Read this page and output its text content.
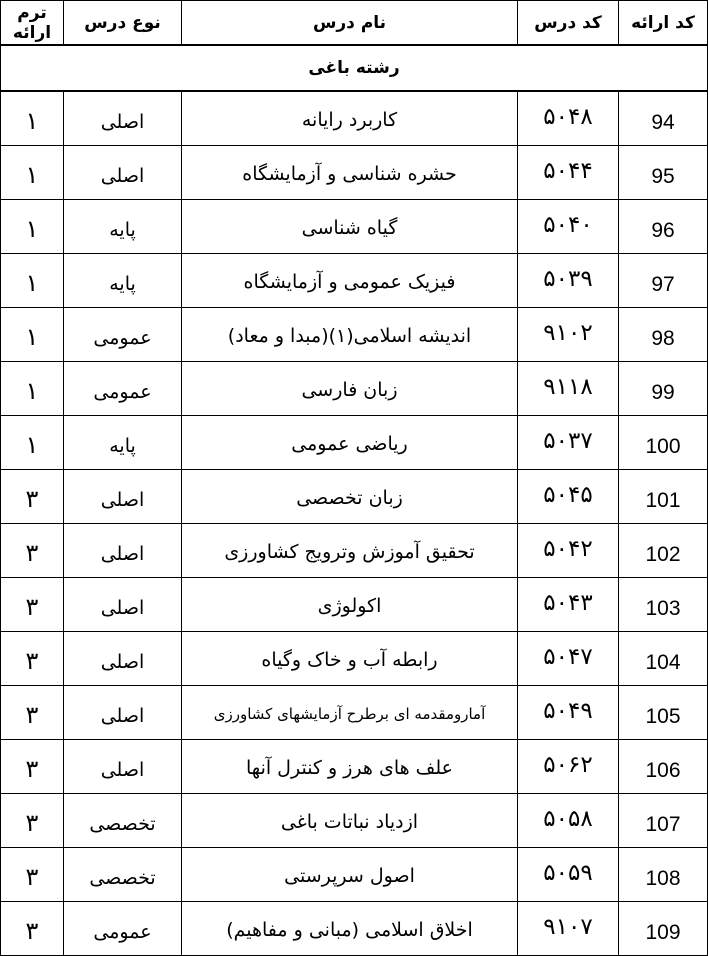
ترم ارائه	نوع درس	نام درس	کد درس	کد ارائه
رشته باغی				
۱	اصلی	کاربرد رایانه	۵۰۴۸	94
۱	اصلی	حشره شناسی و آزمایشگاه	۵۰۴۴	95
۱	پایه	گیاه شناسی	۵۰۴۰	96
۱	پایه	فیزیک عمومی و آزمایشگاه	۵۰۳۹	97
۱	عمومی	اندیشه اسلامی(۱)(مبدا و معاد)	۹۱۰۲	98
۱	عمومی	زبان فارسی	۹۱۱۸	99
۱	پایه	ریاضی عمومی	۵۰۳۷	100
۳	اصلی	زبان تخصصی	۵۰۴۵	101
۳	اصلی	تحقیق آموزش وترویج کشاورزی	۵۰۴۲	102
۳	اصلی	اکولوژی	۵۰۴۳	103
۳	اصلی	رابطه آب و خاک وگیاه	۵۰۴۷	104
۳	اصلی	آمارومقدمه ای برطرح آزمایشهای کشاورزی	۵۰۴۹	105
۳	اصلی	علف های هرز و کنترل آنها	۵۰۶۲	106
۳	تخصصی	ازدیاد نباتات باغی	۵۰۵۸	107
۳	تخصصی	اصول سرپرستی	۵۰۵۹	108
۳	عمومی	اخلاق اسلامی (مبانی و مفاهیم)	۹۱۰۷	109
